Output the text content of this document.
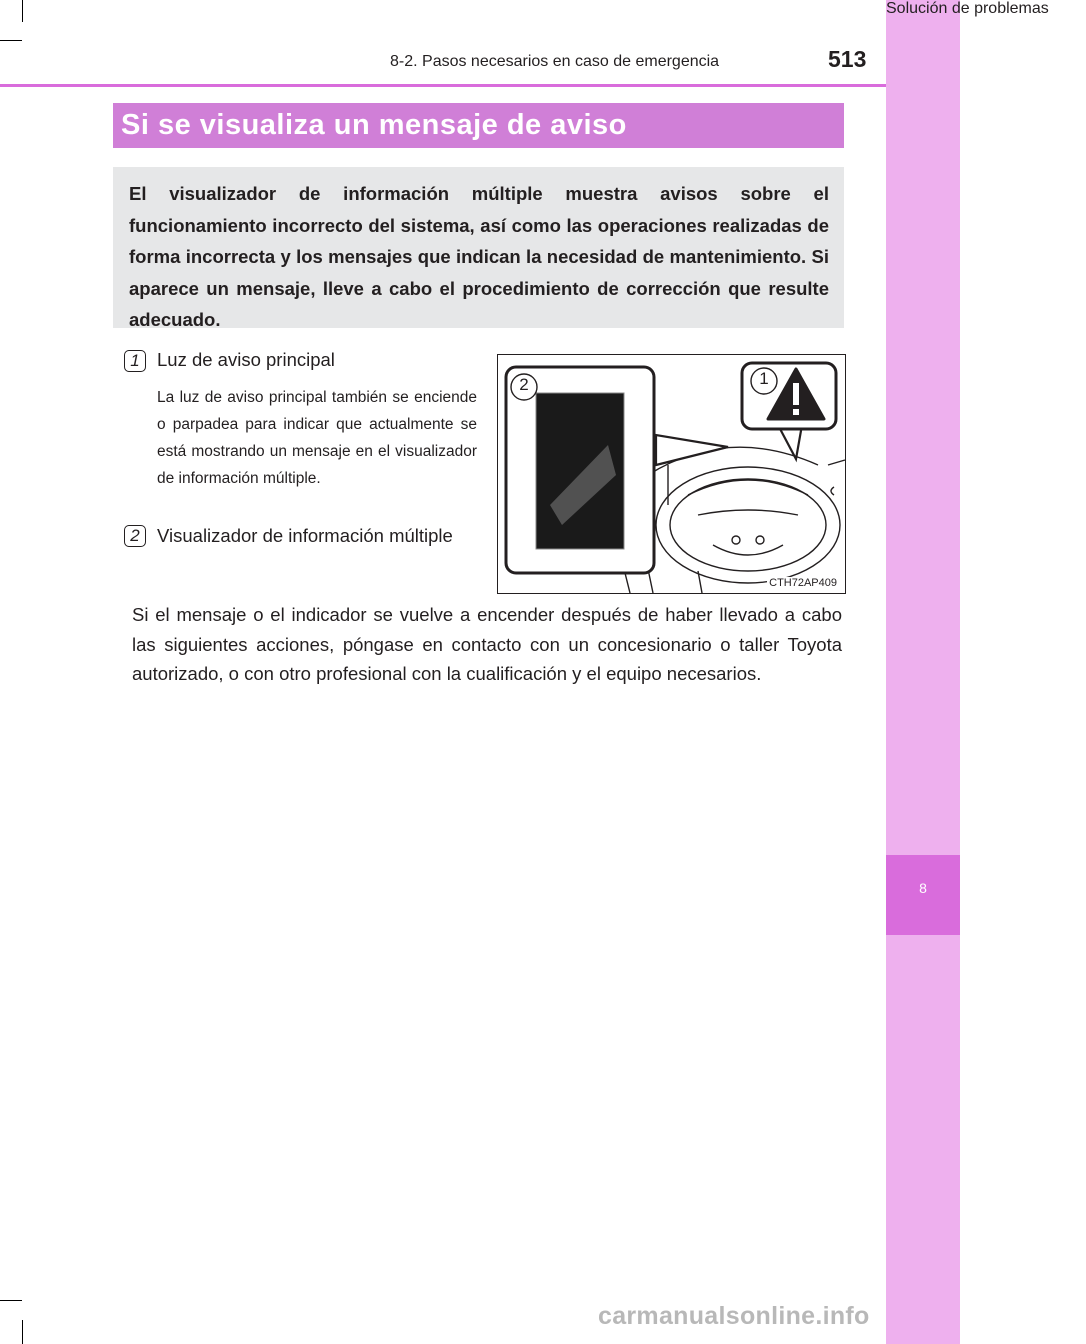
8
Solución de problemas
8-2. Pasos necesarios en caso de emergencia	513
Si se visualiza un mensaje de aviso

El visualizador de información múltiple muestra avisos sobre el funcionamiento incorrecto del sistema, así como las operaciones realizadas de forma incorrecta y los mensajes que indican la necesidad de mantenimiento. Si aparece un mensaje, lleve a cabo el procedimiento de corrección que resulte adecuado.

1 Luz de aviso principal

La luz de aviso principal también se enciende o parpadea para indicar que actualmente se está mostrando un mensaje en el visualizador de información múltiple.

2 Visualizador de información múltiple

2	1
CTH72AP409

Si el mensaje o el indicador se vuelve a encender después de haber llevado a cabo las siguientes acciones, póngase en contacto con un concesionario o taller Toyota autorizado, o con otro profesional con la cualificación y el equipo necesarios.

carmanualsonline.info
